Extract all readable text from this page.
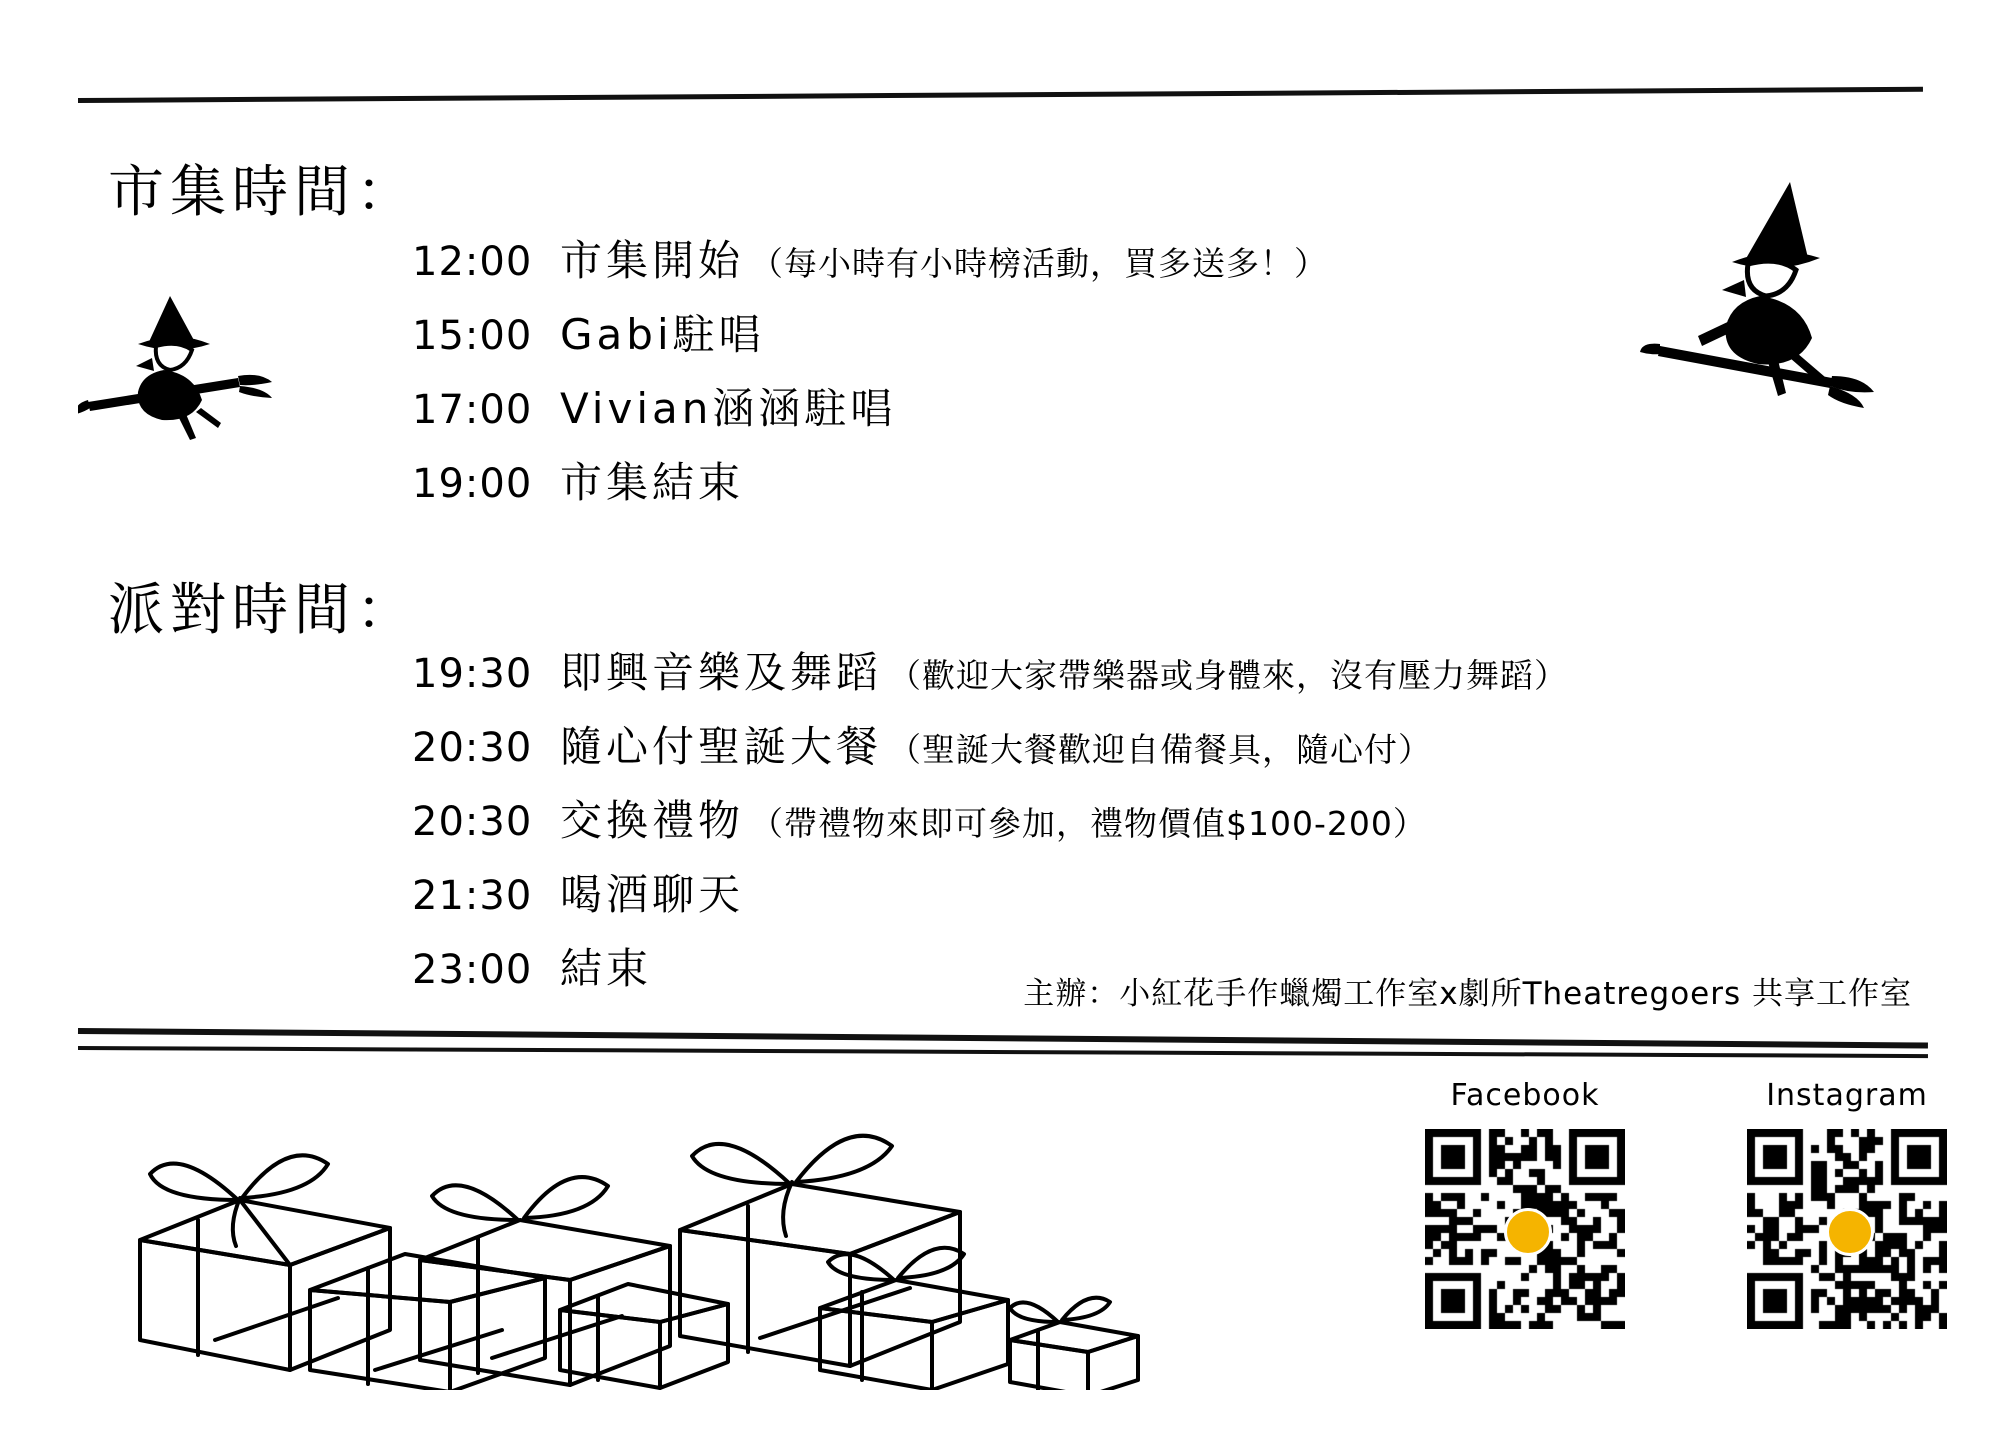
市集時間：
12:00 市集開始 （每小時有小時榜活動，買多送多！）
15:00 Gabi駐唱
17:00 Vivian涵涵駐唱
19:00 市集結束
派對時間：
19:30 即興音樂及舞蹈 （歡迎大家帶樂器或身體來，沒有壓力舞蹈）
20:30 隨心付聖誕大餐 （聖誕大餐歡迎自備餐具，隨心付）
20:30 交換禮物 （帶禮物來即可參加，禮物價值$100-200）
21:30 喝酒聊天
23:00 結束
主辦：小紅花手作蠟燭工作室x劇所Theatregoers 共享工作室
Facebook	Instagram
